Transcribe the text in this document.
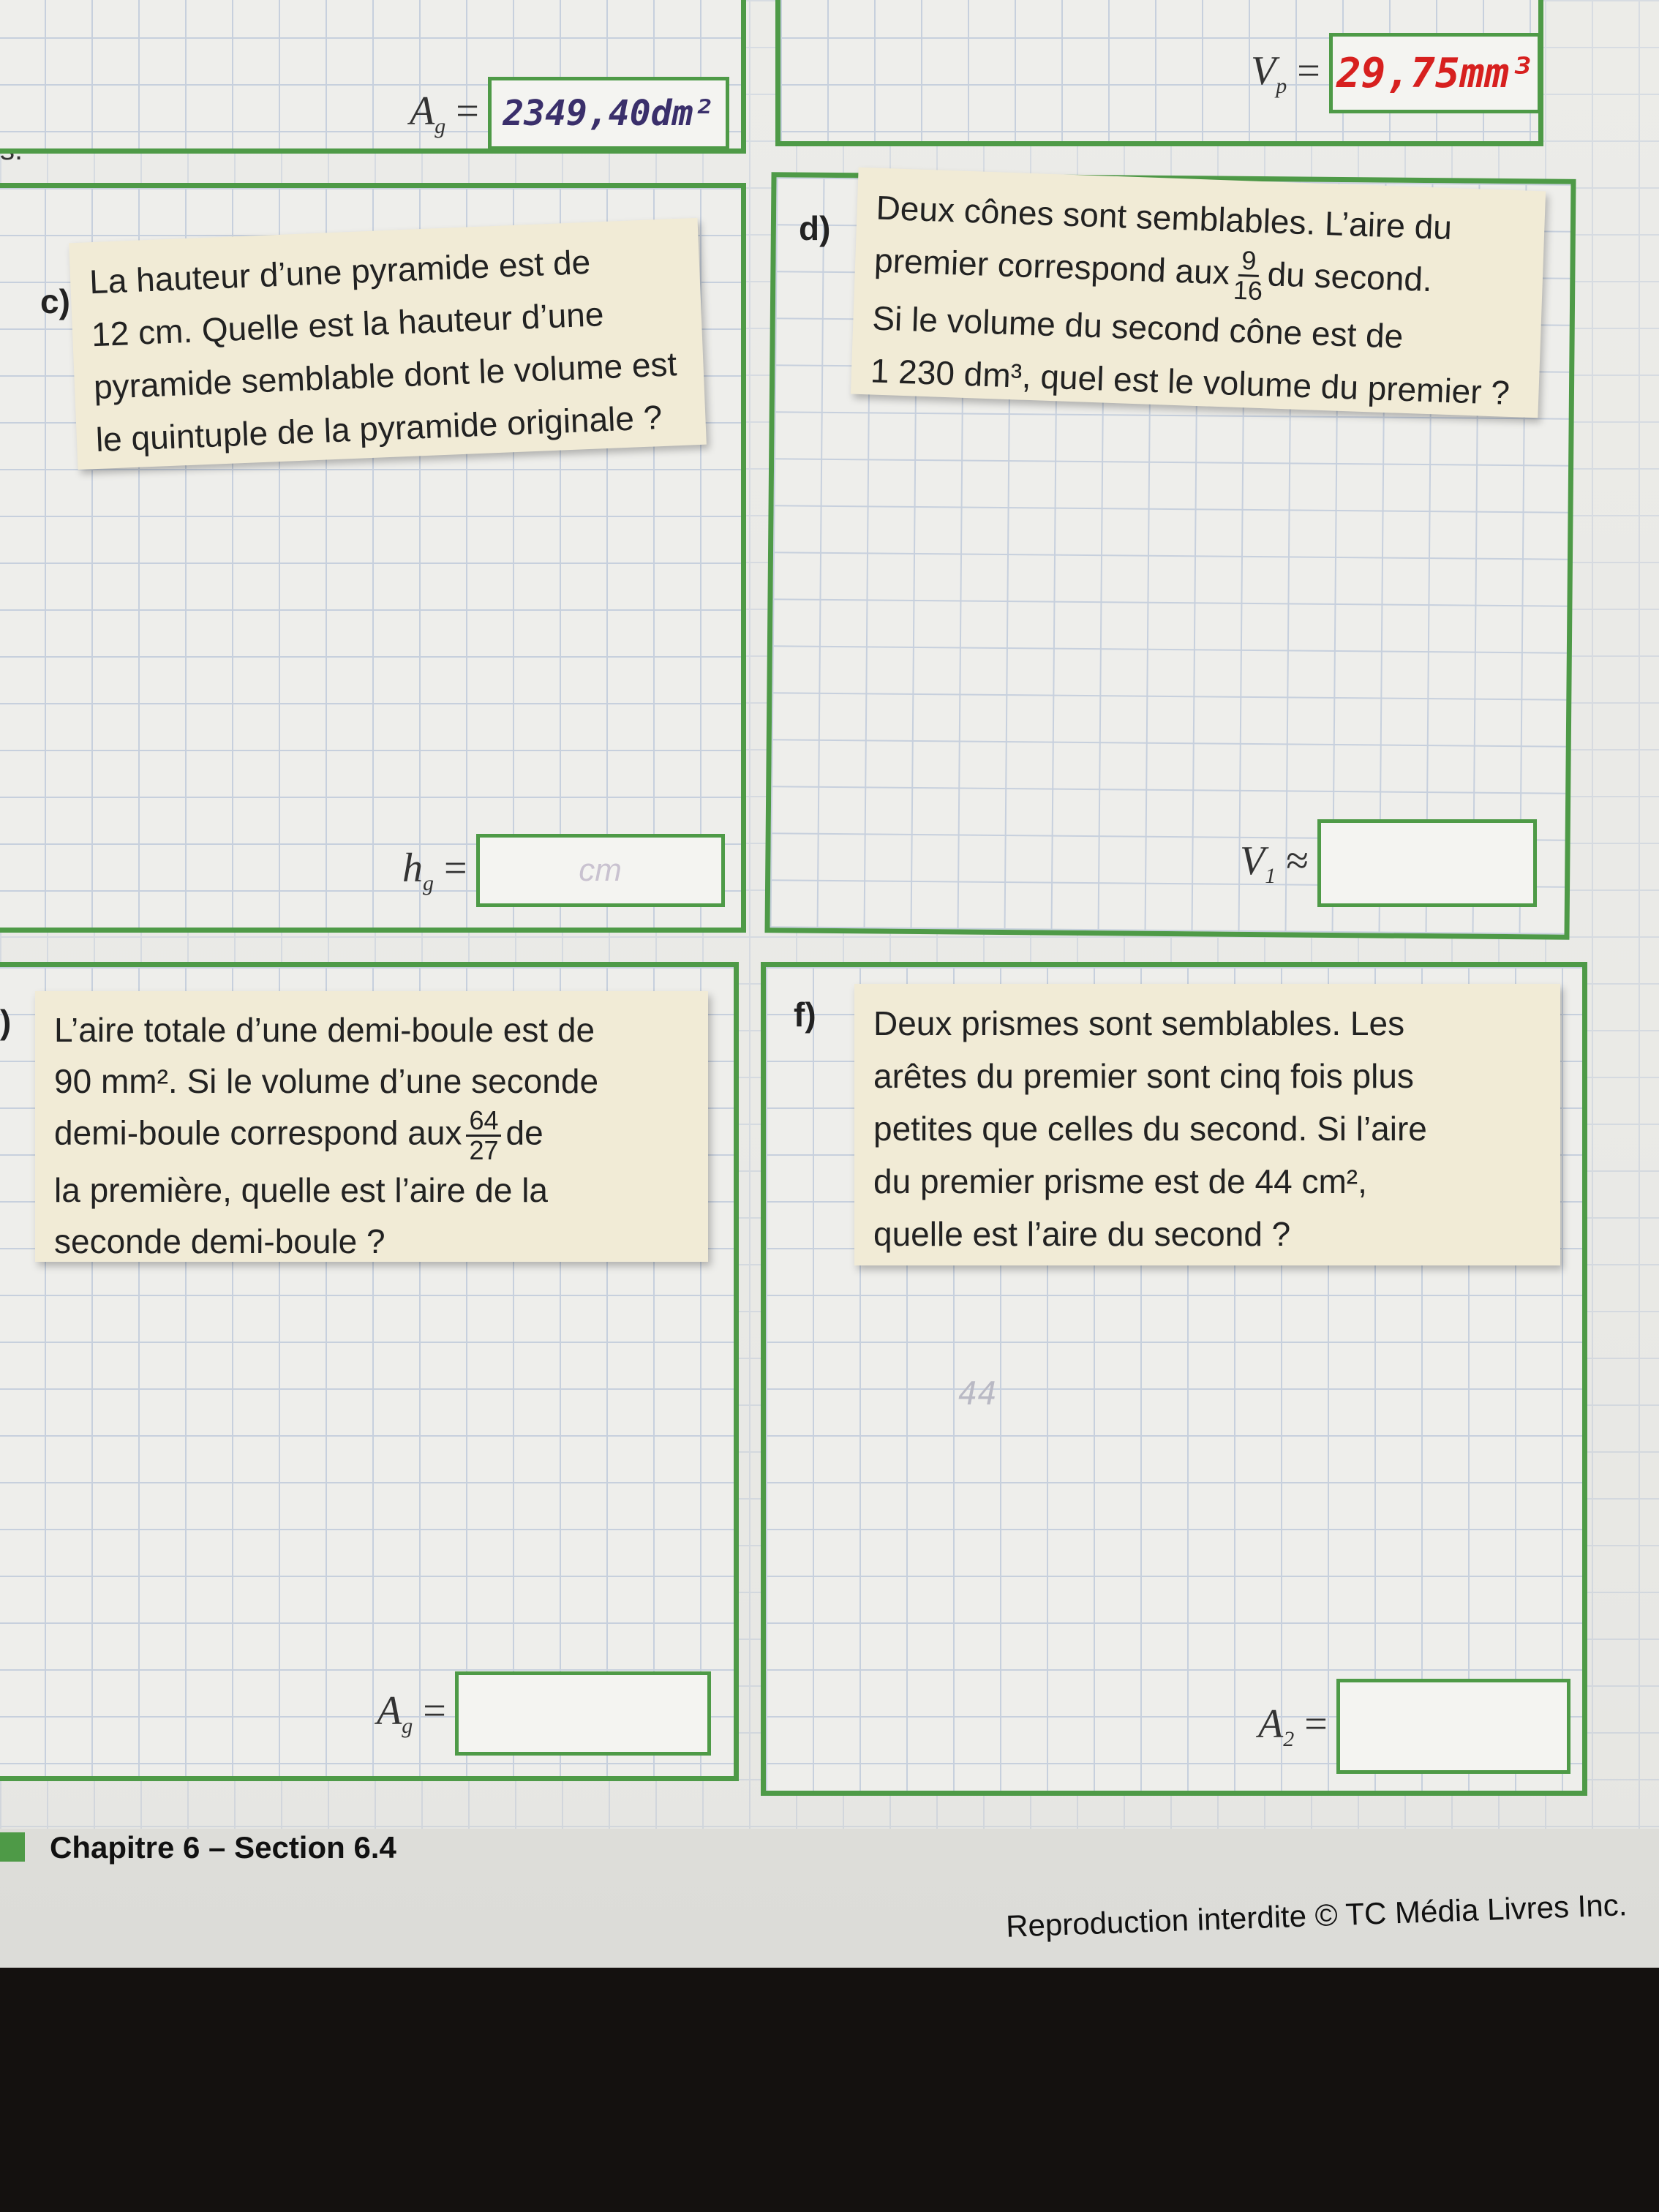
$A_g = 2349,40dm^2$
$V_p = 29,75mm^3$
c)

La hauteur d’une pyramide est de

12 cm. Quelle est la hauteur d’une

pyramide semblable dont le volume est

le quintuple de la pyramide originale ?

$h_g$ =	cm
d) Deux cônes sont semblables. L’aire du

premier correspond aux $\frac{9}{16}$ du second.

Si le volume du second cône est de

1 230 dm³, quel est le volume du premier ?

$V_1$ ≈
) L’aire totale d’une demi-boule est de

90 mm². Si le volume d’une seconde

demi-boule correspond aux $\frac{64}{27}$ de

la première, quelle est l’aire de la

seconde demi-boule ?

$A_g$ =
f) Deux prismes sont semblables. Les

arêtes du premier sont cinq fois plus

petites que celles du second. Si l’aire

du premier prisme est de 44 cm²,

quelle est l’aire du second ?

44
$A_2$ =
Chapitre 6 – Section 6.4
Reproduction interdite © TC Média Livres Inc.
